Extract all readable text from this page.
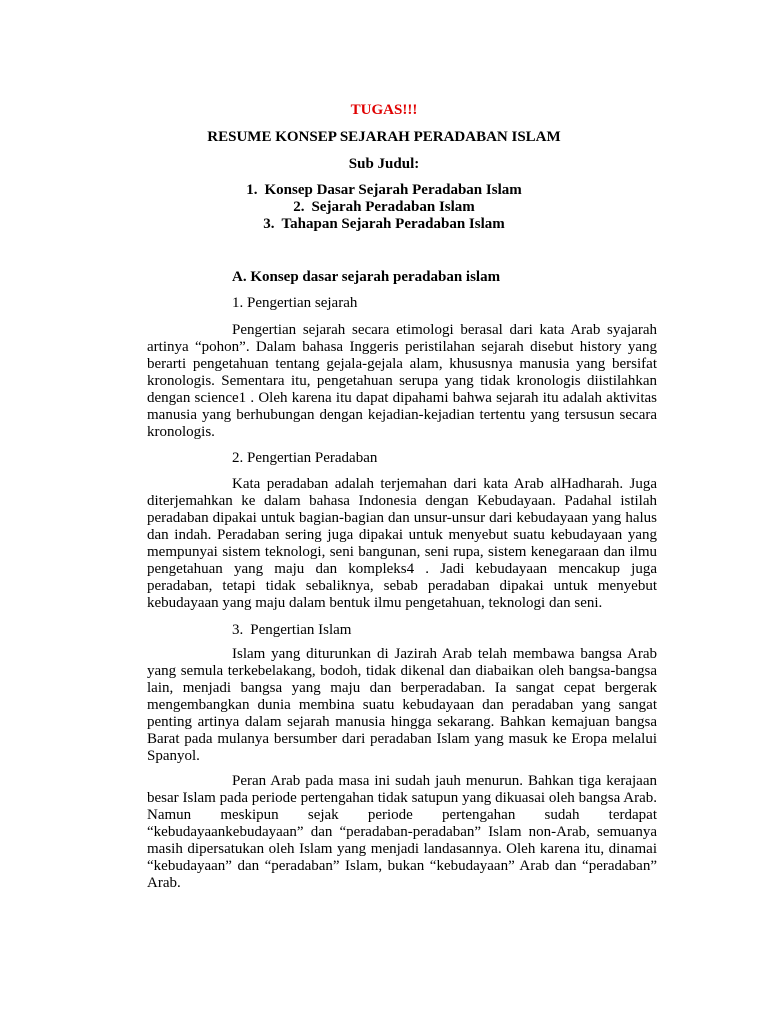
TUGAS!!!
RESUME KONSEP SEJARAH PERADABAN ISLAM
Sub Judul:
1. Konsep Dasar Sejarah Peradaban Islam
2. Sejarah Peradaban Islam
3. Tahapan Sejarah Peradaban Islam
A. Konsep dasar sejarah peradaban islam
1. Pengertian sejarah

Pengertian sejarah secara etimologi berasal dari kata Arab syajarah artinya “pohon”. Dalam bahasa Inggeris peristilahan sejarah disebut history yang berarti pengetahuan tentang gejala-gejala alam, khususnya manusia yang bersifat kronologis. Sementara itu, pengetahuan serupa yang tidak kronologis diistilahkan dengan science1 . Oleh karena itu dapat dipahami bahwa sejarah itu adalah aktivitas manusia yang berhubungan dengan kejadian-kejadian tertentu yang tersusun secara kronologis.

2. Pengertian Peradaban

Kata peradaban adalah terjemahan dari kata Arab alHadharah. Juga diterjemahkan ke dalam bahasa Indonesia dengan Kebudayaan. Padahal istilah peradaban dipakai untuk bagian-bagian dan unsur-unsur dari kebudayaan yang halus dan indah. Peradaban sering juga dipakai untuk menyebut suatu kebudayaan yang mempunyai sistem teknologi, seni bangunan, seni rupa, sistem kenegaraan dan ilmu pengetahuan yang maju dan kompleks4 . Jadi kebudayaan mencakup juga peradaban, tetapi tidak sebaliknya, sebab peradaban dipakai untuk menyebut kebudayaan yang maju dalam bentuk ilmu pengetahuan, teknologi dan seni.

3. Pengertian Islam

Islam yang diturunkan di Jazirah Arab telah membawa bangsa Arab yang semula terkebelakang, bodoh, tidak dikenal dan diabaikan oleh bangsa-bangsa lain, menjadi bangsa yang maju dan berperadaban. Ia sangat cepat bergerak mengembangkan dunia membina suatu kebudayaan dan peradaban yang sangat penting artinya dalam sejarah manusia hingga sekarang. Bahkan kemajuan bangsa Barat pada mulanya bersumber dari peradaban Islam yang masuk ke Eropa melalui Spanyol.

Peran Arab pada masa ini sudah jauh menurun. Bahkan tiga kerajaan besar Islam pada periode pertengahan tidak satupun yang dikuasai oleh bangsa Arab. Namun meskipun sejak periode pertengahan sudah terdapat “kebudayaankebudayaan” dan “peradaban-peradaban” Islam non-Arab, semuanya masih dipersatukan oleh Islam yang menjadi landasannya. Oleh karena itu, dinamai “kebudayaan” dan “peradaban” Islam, bukan “kebudayaan” Arab dan “peradaban” Arab.
